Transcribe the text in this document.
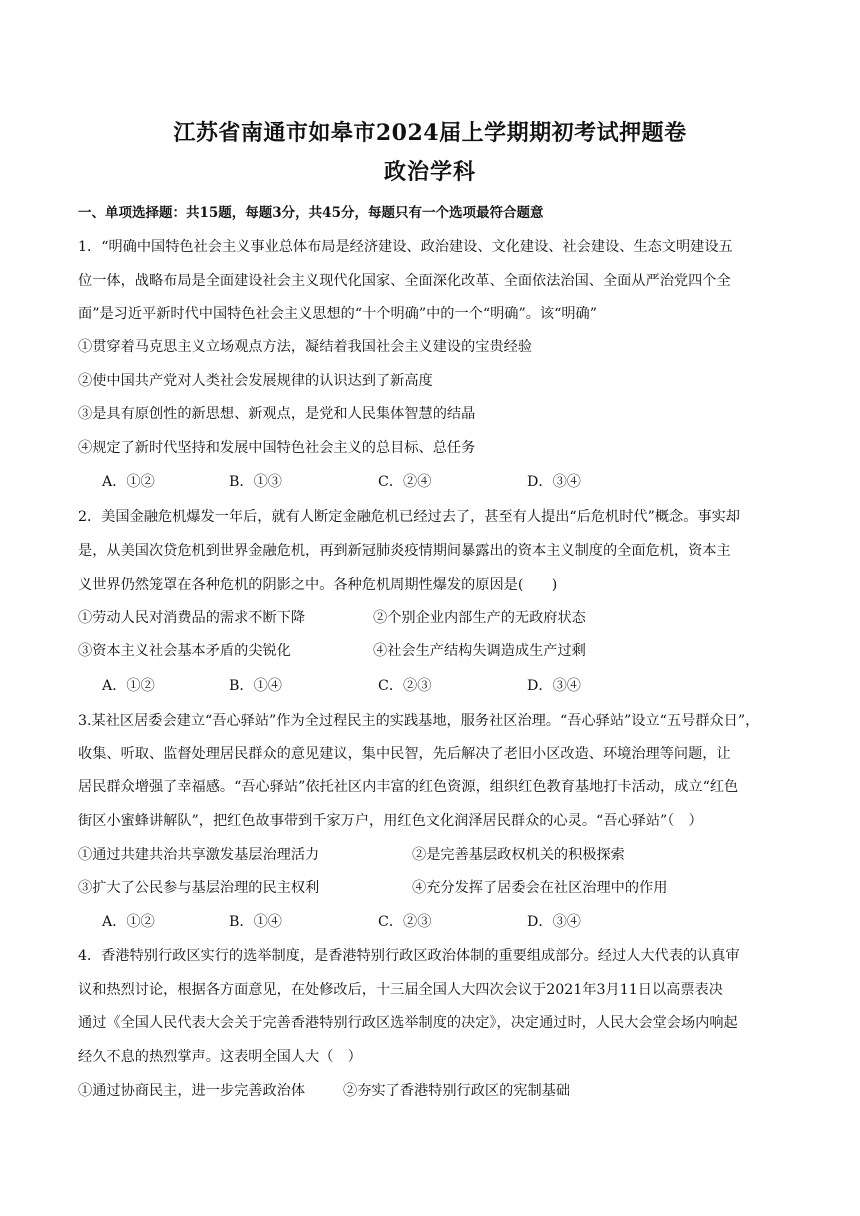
江苏省南通市如皋市2024届上学期期初考试押题卷
政治学科
一、单项选择题：共15题，每题3分，共45分，每题只有一个选项最符合题意
1．“明确中国特色社会主义事业总体布局是经济建设、政治建设、文化建设、社会建设、生态文明建设五
位一体，战略布局是全面建设社会主义现代化国家、全面深化改革、全面依法治国、全面从严治党四个全
面”是习近平新时代中国特色社会主义思想的“十个明确”中的一个“明确”。该“明确”
①贯穿着马克思主义立场观点方法，凝结着我国社会主义建设的宝贵经验
②使中国共产党对人类社会发展规律的认识达到了新高度
③是具有原创性的新思想、新观点，是党和人民集体智慧的结晶
④规定了新时代坚持和发展中国特色社会主义的总目标、总任务
A．①②	B．①③	C．②④	D．③④
2．美国金融危机爆发一年后，就有人断定金融危机已经过去了，甚至有人提出“后危机时代”概念。事实却
是，从美国次贷危机到世界金融危机，再到新冠肺炎疫情期间暴露出的资本主义制度的全面危机，资本主
义世界仍然笼罩在各种危机的阴影之中。各种危机周期性爆发的原因是(　　)
①劳动人民对消费品的需求不断下降	②个别企业内部生产的无政府状态
③资本主义社会基本矛盾的尖锐化	④社会生产结构失调造成生产过剩
A．①②	B．①④	C．②③	D．③④
3.某社区居委会建立“吾心驿站”作为全过程民主的实践基地，服务社区治理。“吾心驿站”设立“五号群众日”，
收集、听取、监督处理居民群众的意见建议，集中民智，先后解决了老旧小区改造、环境治理等问题，让
居民群众增强了幸福感。“吾心驿站”依托社区内丰富的红色资源，组织红色教育基地打卡活动，成立“红色
街区小蜜蜂讲解队”，把红色故事带到千家万户，用红色文化润泽居民群众的心灵。“吾心驿站”（　）
①通过共建共治共享激发基层治理活力	②是完善基层政权机关的积极探索
③扩大了公民参与基层治理的民主权利	④充分发挥了居委会在社区治理中的作用
A．①②	B．①④	C．②③	D．③④
4．香港特别行政区实行的选举制度，是香港特别行政区政治体制的重要组成部分。经过人大代表的认真审
议和热烈讨论，根据各方面意见，在处修改后，十三届全国人大四次会议于2021年3月11日以高票表决
通过《全国人民代表大会关于完善香港特别行政区选举制度的决定》，决定通过时，人民大会堂会场内响起
经久不息的热烈掌声。这表明全国人大（　）
①通过协商民主，进一步完善政治体	②夯实了香港特别行政区的宪制基础
